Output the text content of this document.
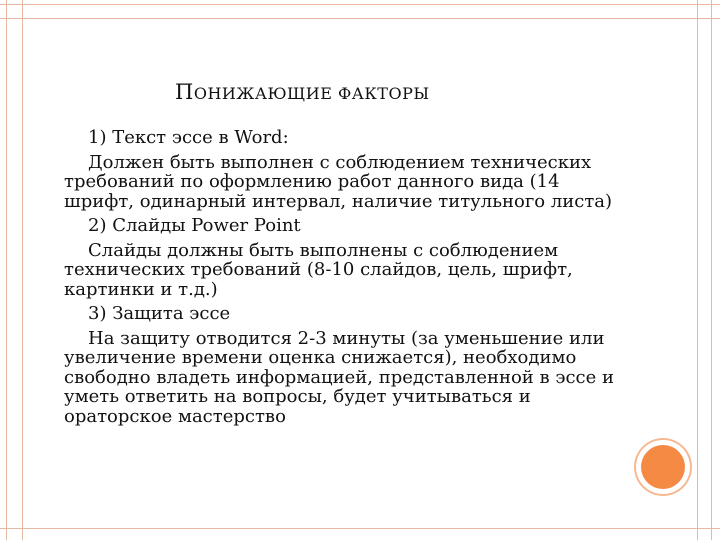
ПОНИЖАЮЩИЕ ФАКТОРЫ

1) Текст эссе в Word:

Должен быть выполнен с соблюдением технических требований по оформлению работ данного вида (14 шрифт, одинарный интервал, наличие титульного листа)

2) Слайды Power Point

Слайды должны быть выполнены с соблюдением технических требований (8-10 слайдов, цель, шрифт, картинки и т.д.)

3) Защита эссе

На защиту отводится 2-3 минуты (за уменьшение или увеличение времени оценка снижается), необходимо свободно владеть информацией, представленной в эссе и уметь ответить на вопросы, будет учитываться и ораторское мастерство
